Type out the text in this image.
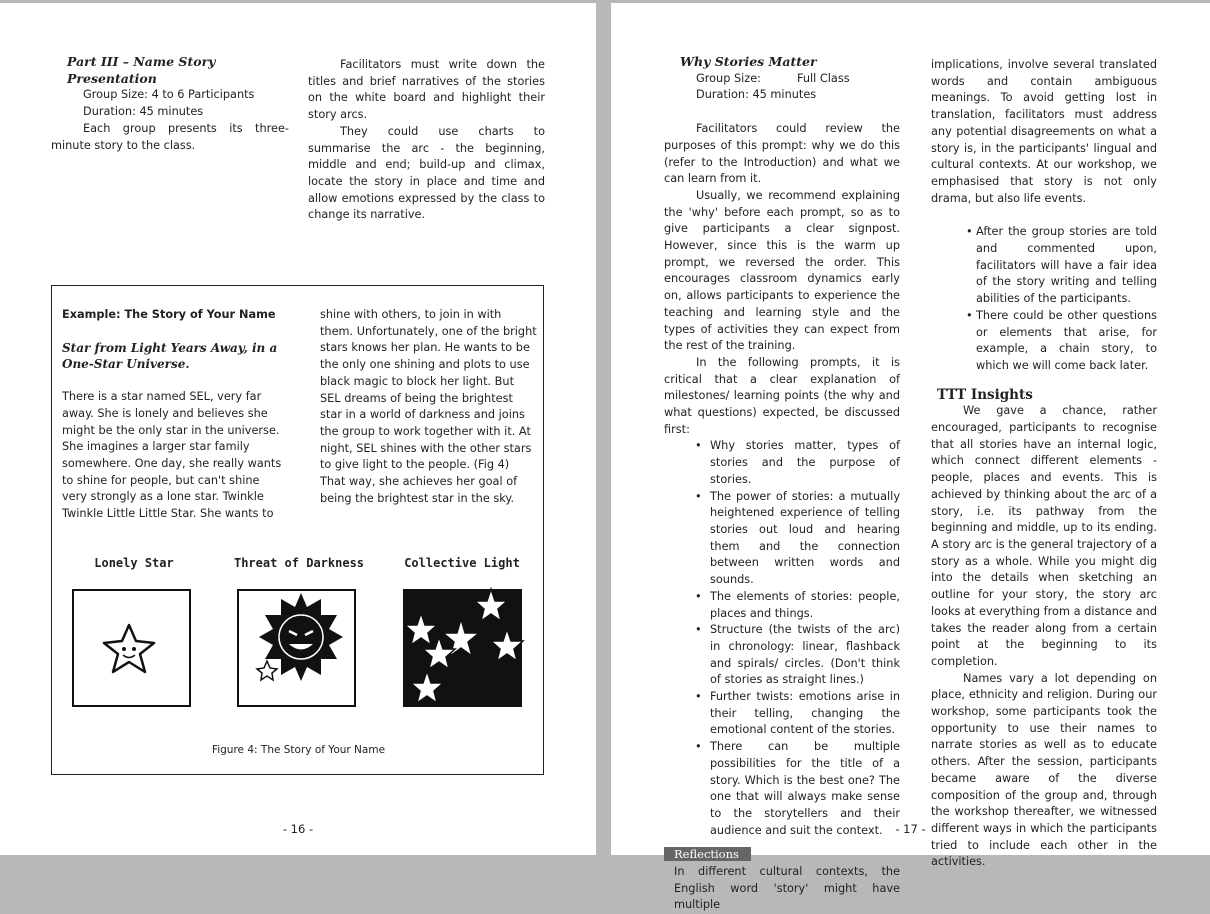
Part III – Name Story Presentation

Group Size: 4 to 6 Participants

Duration: 45 minutes

Each group presents its three-minute story to the class.

Facilitators must write down the titles and brief narratives of the stories on the white board and highlight their story arcs.

They could use charts to summarise the arc - the beginning, middle and end; build-up and climax, locate the story in place and time and allow emotions expressed by the class to change its narrative.

Example: The Story of Your Name

Star from Light Years Away, in a One-Star Universe.

There is a star named SEL, very far away. She is lonely and believes she might be the only star in the universe. She imagines a larger star family somewhere. One day, she really wants to shine for people, but can't shine very strongly as a lone star. Twinkle Twinkle Little Little Star. She wants to

shine with others, to join in with them. Unfortunately, one of the bright stars knows her plan. He wants to be the only one shining and plots to use black magic to block her light. But SEL dreams of being the brightest star in a world of darkness and joins the group to work together with it. At night, SEL shines with the other stars to give light to the people. (Fig 4) That way, she achieves her goal of being the brightest star in the sky.

Lonely Star	Threat of Darkness	Collective Light
Figure 4: The Story of Your Name
- 16 -
Why Stories Matter

Group Size:	Full Class

Duration: 45 minutes

Facilitators could review the purposes of this prompt: why we do this (refer to the Introduction) and what we can learn from it.

Usually, we recommend explaining the 'why' before each prompt, so as to give participants a clear signpost. However, since this is the warm up prompt, we reversed the order. This encourages classroom dynamics early on, allows participants to experience the teaching and learning style and the types of activities they can expect from the rest of the training.

In the following prompts, it is critical that a clear explanation of milestones/ learning points (the why and what questions) expected, be discussed first:

• Why stories matter, types of stories and the purpose of stories.
• The power of stories: a mutually heightened experience of telling stories out loud and hearing them and the connection between written words and sounds.
• The elements of stories: people, places and things.
• Structure (the twists of the arc) in chronology: linear, flashback and spirals/ circles. (Don't think of stories as straight lines.)
• Further twists: emotions arise in their telling, changing the emotional content of the stories.
• There can be multiple possibilities for the title of a story. Which is the best one? The one that will always make sense to the storytellers and their audience and suit the context.
Reflections

In different cultural contexts, the English word 'story' might have multiple

implications, involve several translated words and contain ambiguous meanings. To avoid getting lost in translation, facilitators must address any potential disagreements on what a story is, in the participants' lingual and cultural contexts. At our workshop, we emphasised that story is not only drama, but also life events.

• After the group stories are told and commented upon, facilitators will have a fair idea of the story writing and telling abilities of the participants.
• There could be other questions or elements that arise, for example, a chain story, to which we will come back later.

TTT Insights

We gave a chance, rather encouraged, participants to recognise that all stories have an internal logic, which connect different elements - people, places and events. This is achieved by thinking about the arc of a story, i.e. its pathway from the beginning and middle, up to its ending. A story arc is the general trajectory of a story as a whole. While you might dig into the details when sketching an outline for your story, the story arc looks at everything from a distance and takes the reader along from a certain point at the beginning to its completion.

Names vary a lot depending on place, ethnicity and religion. During our workshop, some participants took the opportunity to use their names to narrate stories as well as to educate others. After the session, participants became aware of the diverse composition of the group and, through the workshop thereafter, we witnessed different ways in which the participants tried to include each other in the activities.

- 17 -
